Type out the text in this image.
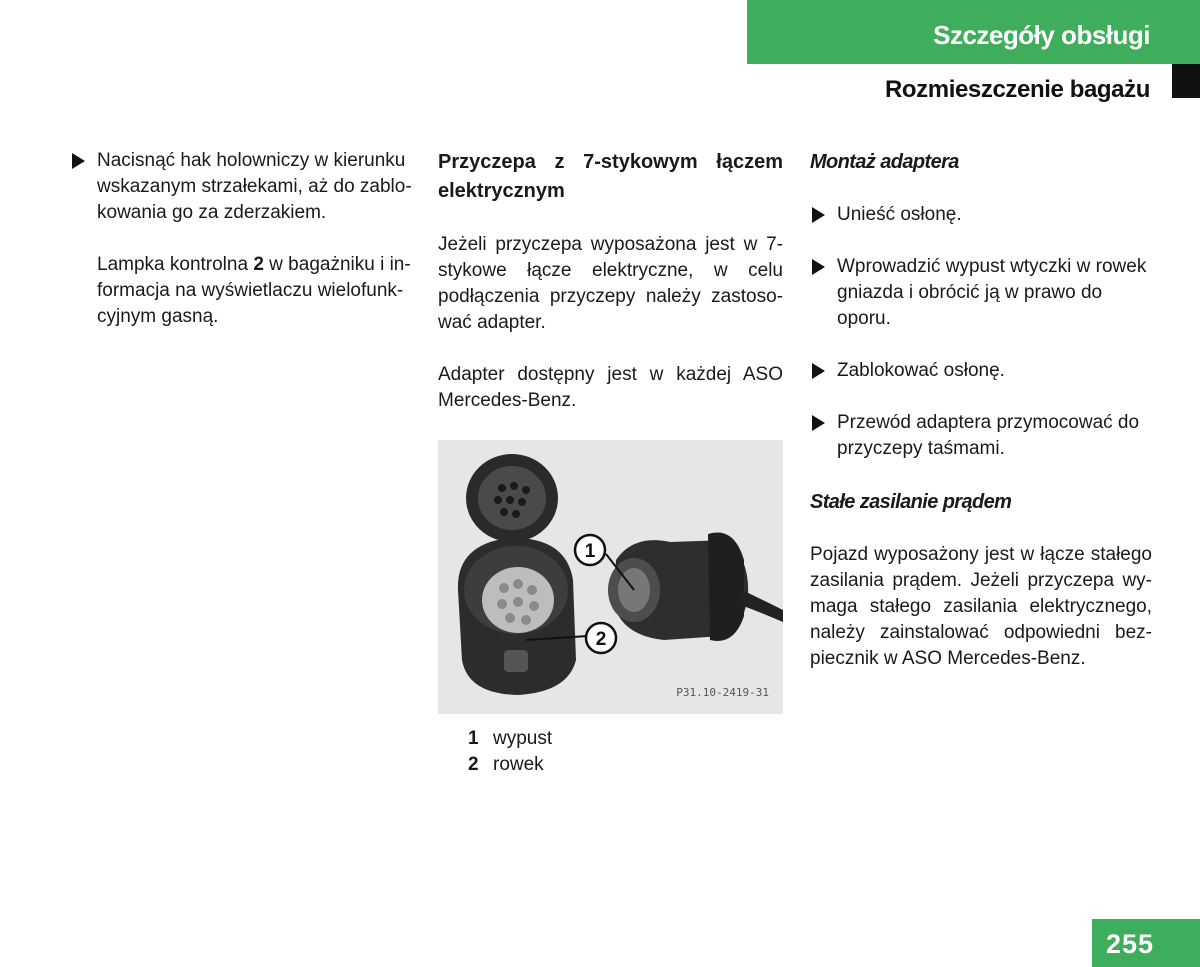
Szczegóły obsługi
Rozmieszczenie bagażu
Nacisnąć hak holowniczy w kierunku wskazanym strzałekami, aż do zablokowania go za zderzakiem.
Lampka kontrolna 2 w bagażniku i informacja na wyświetlaczu wielofunkcyjnym gasną.
Przyczepa z 7-stykowym łączem elektrycznym
Jeżeli przyczepa wyposażona jest w 7-stykowe łącze elektryczne, w celu podłączenia przyczepy należy zastosować adapter.
Adapter dostępny jest w każdej ASO Mercedes-Benz.
1
2
P31.10-2419-31
1 wypust
2 rowek
Montaż adaptera
Unieść osłonę.
Wprowadzić wypust wtyczki w rowek gniazda i obrócić ją w prawo do oporu.
Zablokować osłonę.
Przewód adaptera przymocować do przyczepy taśmami.
Stałe zasilanie prądem
Pojazd wyposażony jest w łącze stałego zasilania prądem. Jeżeli przyczepa wymaga stałego zasilania elektrycznego, należy zainstalować odpowiedni bezpiecznik w ASO Mercedes-Benz.
255
